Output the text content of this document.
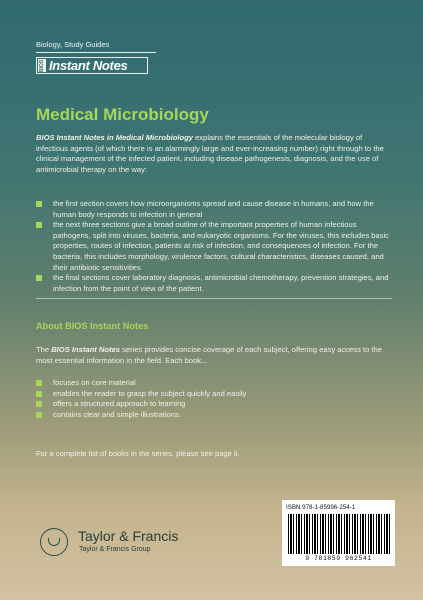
Biology, Study Guides
BIOS Instant Notes
Medical Microbiology

BIOS Instant Notes in Medical Microbiology explains the essentials of the molecular biology of infectious agents (of which there is an alarmingly large and ever-increasing number) right through to the clinical management of the infected patient, including disease pathogenesis, diagnosis, and the use of antimicrobial therapy on the way:

the first section covers how microorganisms spread and cause disease in humans, and how the human body responds to infection in general
the next three sections give a broad outline of the important properties of human infectious pathogens, split into viruses, bacteria, and eukaryotic organisms. For the viruses, this includes basic properties, routes of infection, patients at risk of infection, and consequences of infection. For the bacteria, this includes morphology, virulence factors, cultural characteristics, diseases caused, and their antibiotic sensitivities
the final sections cover laboratory diagnosis, antimicrobial chemotherapy, prevention strategies, and infection from the point of view of the patient.
About BIOS Instant Notes

The BIOS Instant Notes series provides concise coverage of each subject, offering easy access to the most essential information in the field. Each book...

focuses on core material
enables the reader to grasp the subject quickly and easily
offers a structured approach to learning
contains clear and simple illustrations.

For a complete list of books in the series, please see page ii.

Taylor & Francis
Taylor & Francis Group
ISBN 978-1-85996-254-1
9 781859 962541
